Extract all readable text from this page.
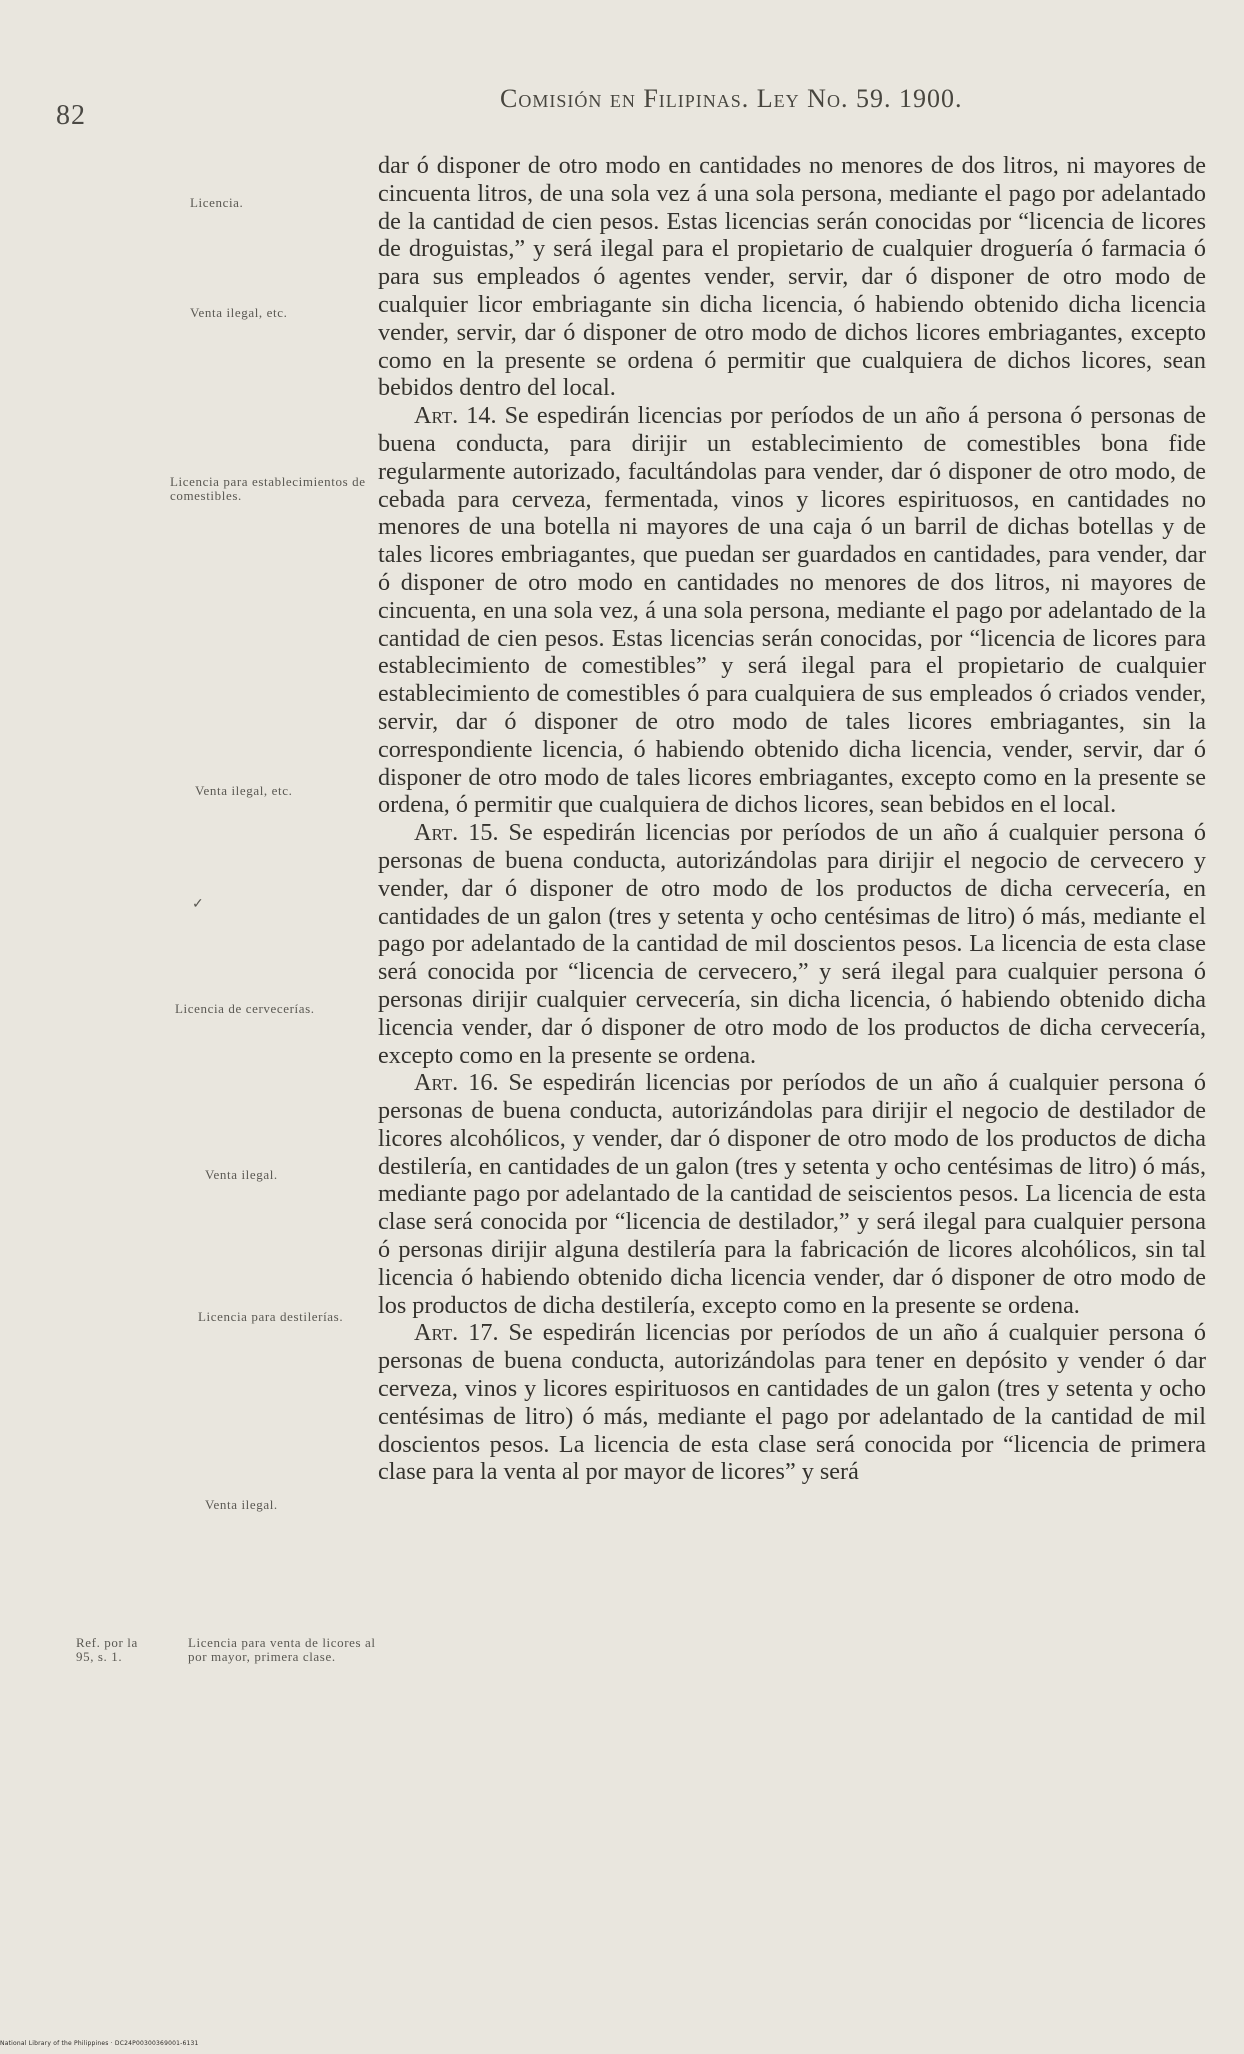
82
Comisión en Filipinas. Ley No. 59. 1900.
Licencia.
Venta ilegal, etc.
Licencia para establecimientos de comestibles.
Venta ilegal, etc.
✓
Licencia de cervecerías.
Venta ilegal.
Licencia para destilerías.
Venta ilegal.
Ref. por la 95, s. 1.
Licencia para venta de licores al por mayor, primera clase.

dar ó disponer de otro modo en cantidades no menores de dos litros, ni mayores de cincuenta litros, de una sola vez á una sola persona, mediante el pago por adelantado de la cantidad de cien pesos. Estas licencias serán conocidas por “licencia de licores de droguistas,” y será ilegal para el propietario de cualquier droguería ó farmacia ó para sus empleados ó agentes vender, servir, dar ó disponer de otro modo de cualquier licor embriagante sin dicha licencia, ó habiendo obtenido dicha licencia vender, servir, dar ó disponer de otro modo de dichos licores embriagantes, excepto como en la presente se ordena ó permitir que cualquiera de dichos licores, sean bebidos dentro del local.

Art. 14. Se espedirán licencias por períodos de un año á persona ó personas de buena conducta, para dirijir un establecimiento de comestibles bona fide regularmente autorizado, facultándolas para vender, dar ó disponer de otro modo, de cebada para cerveza, fermentada, vinos y licores espirituosos, en cantidades no menores de una botella ni mayores de una caja ó un barril de dichas botellas y de tales licores embriagantes, que puedan ser guardados en cantidades, para vender, dar ó disponer de otro modo en cantidades no menores de dos litros, ni mayores de cincuenta, en una sola vez, á una sola persona, mediante el pago por adelantado de la cantidad de cien pesos. Estas licencias serán conocidas, por “licencia de licores para establecimiento de comestibles” y será ilegal para el propietario de cualquier establecimiento de comestibles ó para cualquiera de sus empleados ó criados vender, servir, dar ó disponer de otro modo de tales licores embriagantes, sin la correspondiente licencia, ó habiendo obtenido dicha licencia, vender, servir, dar ó disponer de otro modo de tales licores embriagantes, excepto como en la presente se ordena, ó permitir que cualquiera de dichos licores, sean bebidos en el local.

Art. 15. Se espedirán licencias por períodos de un año á cualquier persona ó personas de buena conducta, autorizándolas para dirijir el negocio de cervecero y vender, dar ó disponer de otro modo de los productos de dicha cervecería, en cantidades de un galon (tres y setenta y ocho centésimas de litro) ó más, mediante el pago por adelantado de la cantidad de mil doscientos pesos. La licencia de esta clase será conocida por “licencia de cervecero,” y será ilegal para cualquier persona ó personas dirijir cualquier cervecería, sin dicha licencia, ó habiendo obtenido dicha licencia vender, dar ó disponer de otro modo de los productos de dicha cervecería, excepto como en la presente se ordena.

Art. 16. Se espedirán licencias por períodos de un año á cualquier persona ó personas de buena conducta, autorizándolas para dirijir el negocio de destilador de licores alcohólicos, y vender, dar ó disponer de otro modo de los productos de dicha destilería, en cantidades de un galon (tres y setenta y ocho centésimas de litro) ó más, mediante pago por adelantado de la cantidad de seiscientos pesos. La licencia de esta clase será conocida por “licencia de destilador,” y será ilegal para cualquier persona ó personas dirijir alguna destilería para la fabricación de licores alcohólicos, sin tal licencia ó habiendo obtenido dicha licencia vender, dar ó disponer de otro modo de los productos de dicha destilería, excepto como en la presente se ordena.

Art. 17. Se espedirán licencias por períodos de un año á cualquier persona ó personas de buena conducta, autorizándolas para tener en depósito y vender ó dar cerveza, vinos y licores espirituosos en cantidades de un galon (tres y setenta y ocho centésimas de litro) ó más, mediante el pago por adelantado de la cantidad de mil doscientos pesos. La licencia de esta clase será conocida por “licencia de primera clase para la venta al por mayor de licores” y será

National Library of the Philippines · DC24P00300369001-6131
